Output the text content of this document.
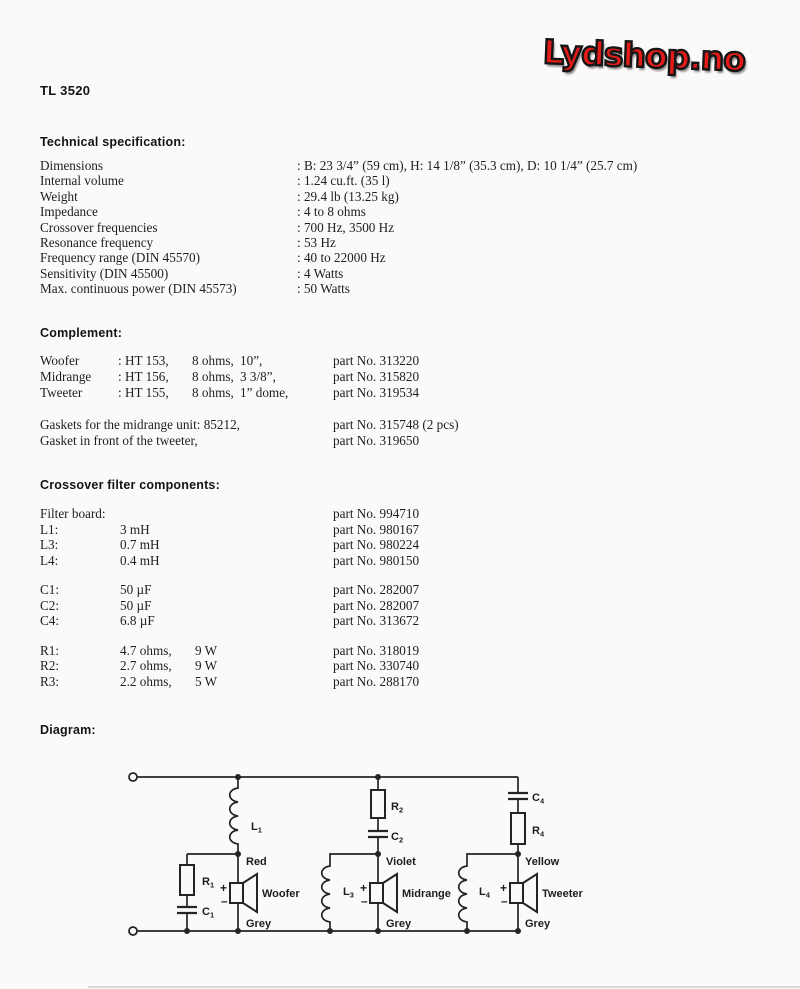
Lydshop.no
TL 3520
Technical specification:
Dimensions	: B: 23 3/4” (59 cm), H: 14 1/8” (35.3 cm), D: 10 1/4” (25.7 cm)
Internal volume	: 1.24 cu.ft. (35 l)
Weight	: 29.4 lb (13.25 kg)
Impedance	: 4 to 8 ohms
Crossover frequencies	: 700 Hz, 3500 Hz
Resonance frequency	: 53 Hz
Frequency range (DIN 45570)	: 40 to 22000 Hz
Sensitivity (DIN 45500)	: 4 Watts
Max. continuous power (DIN 45573)	: 50 Watts
Complement:
Woofer	: HT 153,	8 ohms, 10”,	part No. 313220
Midrange	: HT 156,	8 ohms, 3 3/8”,	part No. 315820
Tweeter	: HT 155,	8 ohms, 1” dome,	part No. 319534
Gaskets for the midrange unit: 85212,	part No. 315748 (2 pcs)
Gasket in front of the tweeter,	part No. 319650
Crossover filter components:
Filter board:	part No. 994710
L1:	3 mH	part No. 980167
L3:	0.7 mH	part No. 980224
L4:	0.4 mH	part No. 980150
C1:	50 µF	part No. 282007
C2:	50 µF	part No. 282007
C4:	6.8 µF	part No. 313672
R1:	4.7 ohms,	9 W	part No. 318019
R2:	2.7 ohms,	9 W	part No. 330740
R3:	2.2 ohms,	5 W	part No. 288170
Diagram:
$L_1$
$R_1$
$C_1$
$R_2$
$C_2$
$L_3$
$C_4$
$R_4$
$L_4$
Red
Grey
Violet
Grey
Yellow
Grey
Woofer	Midrange	Tweeter
+
–
+
–
+
–
